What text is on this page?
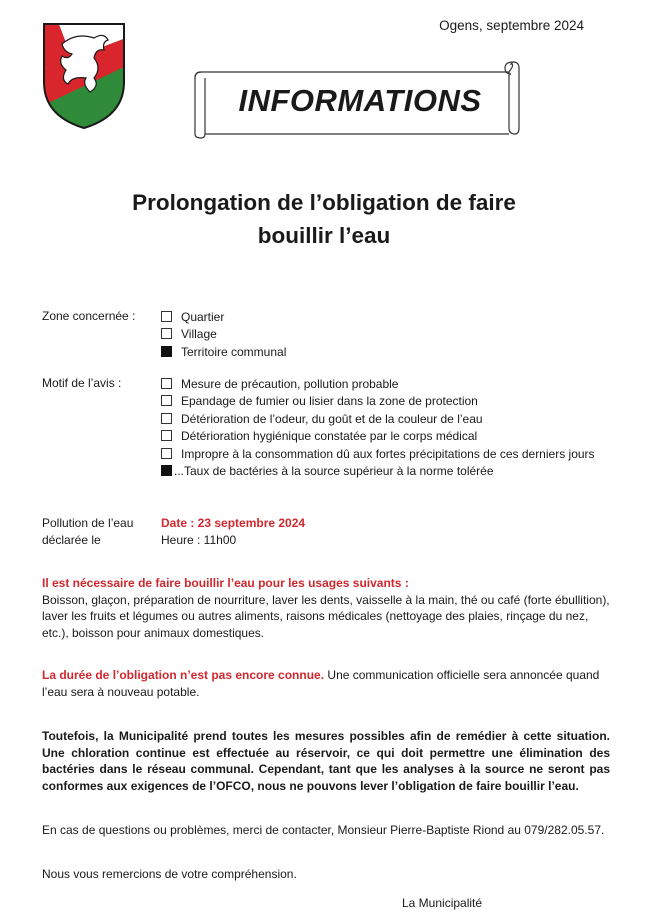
Ogens, septembre 2024
INFORMATIONS
Prolongation de l’obligation de faire
bouillir l’eau
Zone concernée :	Quartier
Village
Territoire communal
Motif de l’avis :	Mesure de précaution, pollution probable
Epandage de fumier ou lisier dans la zone de protection
Détérioration de l’odeur, du goût et de la couleur de l’eau
Détérioration hygiénique constatée par le corps médical
Impropre à la consommation dû aux fortes précipitations de ces derniers jours
...Taux de bactéries à la source supérieur à la norme tolérée
Pollution de l’eau
déclarée le
Date : 23 septembre 2024
Heure : 11h00
Il est nécessaire de faire bouillir l’eau pour les usages suivants :
Boisson, glaçon, préparation de nourriture, laver les dents, vaisselle à la main, thé ou café (forte ébullition), laver les fruits et légumes ou autres aliments, raisons médicales (nettoyage des plaies, rinçage du nez, etc.), boisson pour animaux domestiques.
La durée de l’obligation n’est pas encore connue. Une communication officielle sera annoncée quand l’eau sera à nouveau potable.
Toutefois, la Municipalité prend toutes les mesures possibles afin de remédier à cette situation. Une chloration continue est effectuée au réservoir, ce qui doit permettre une élimination des bactéries dans le réseau communal. Cependant, tant que les analyses à la source ne seront pas conformes aux exigences de l’OFCO, nous ne pouvons lever l’obligation de faire bouillir l’eau.
En cas de questions ou problèmes, merci de contacter, Monsieur Pierre-Baptiste Riond au 079/282.05.57.
Nous vous remercions de votre compréhension.
La Municipalité
